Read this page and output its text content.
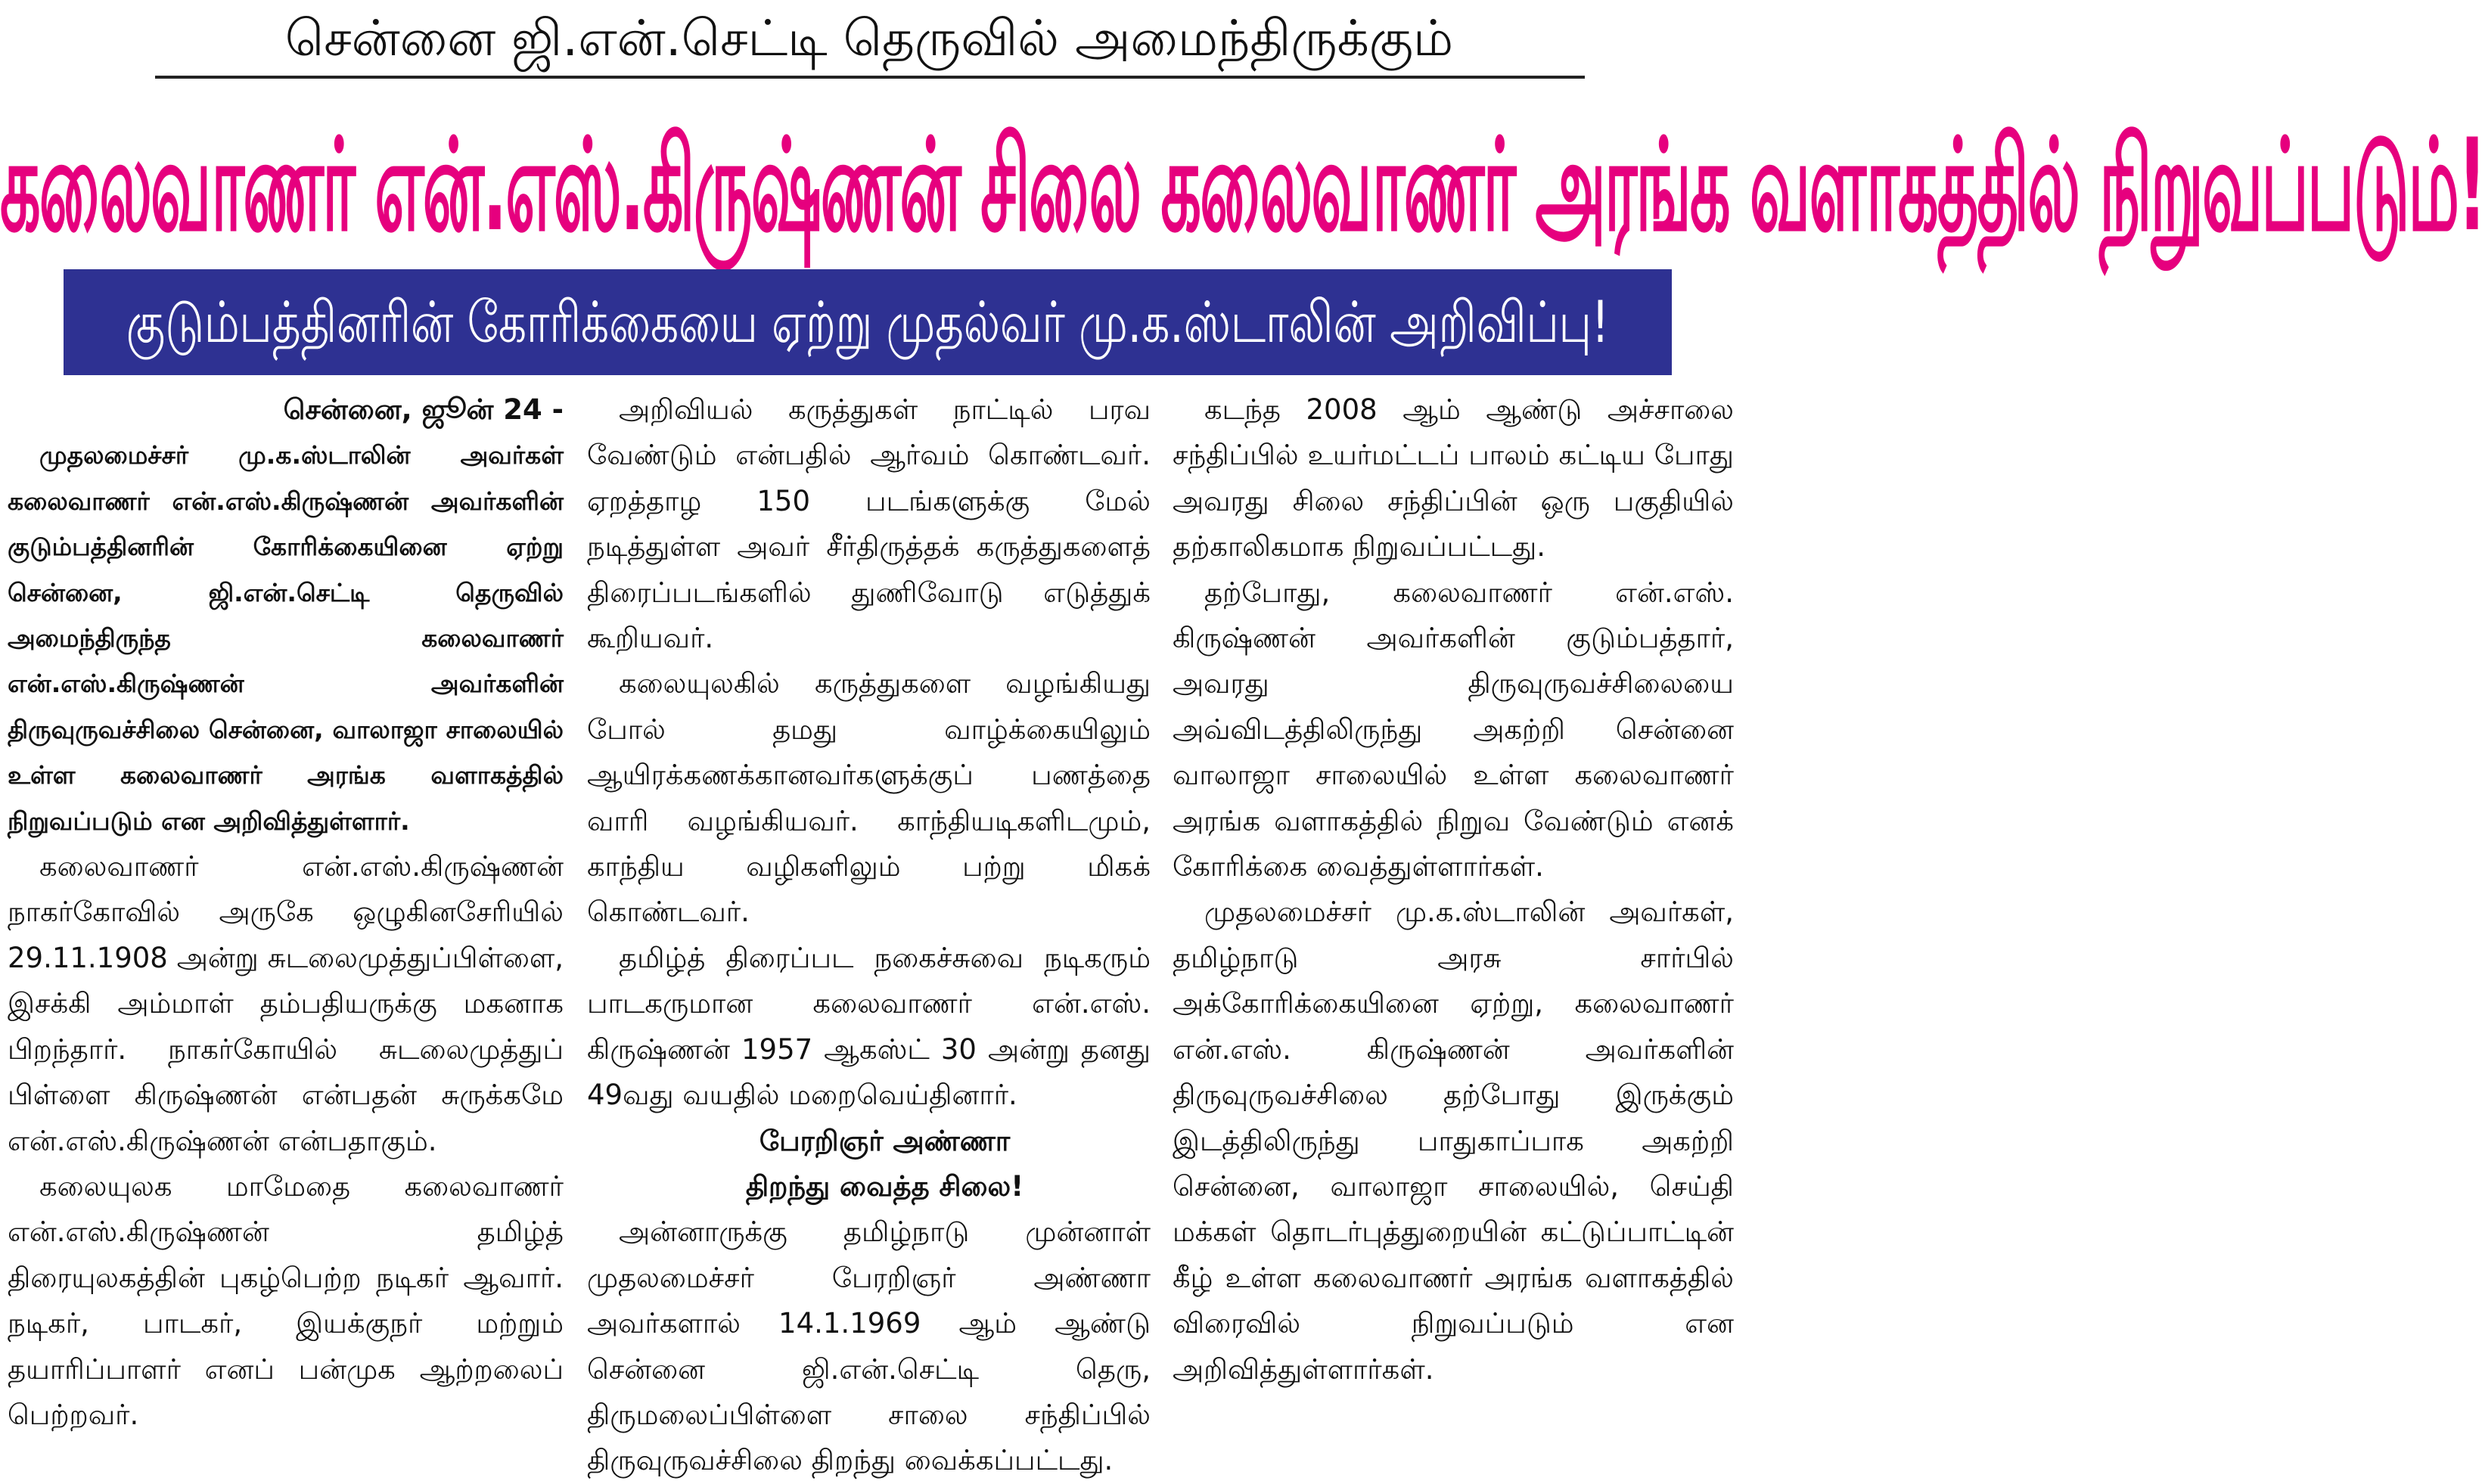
சென்னை ஜி.என்.செட்டி தெருவில் அமைந்திருக்கும்
கலைவாணர் என்.எஸ்.கிருஷ்ணன் சிலை கலைவாணர் அரங்க வளாகத்தில் நிறுவப்படும்!
குடும்பத்தினரின் கோரிக்கையை ஏற்று முதல்வர் மு.க.ஸ்டாலின் அறிவிப்பு!

சென்னை, ஜூன் 24 -

முதலமைச்சர் மு.க.ஸ்டாலின் அவர்கள் கலைவாணர் என்.எஸ்.கிருஷ்ணன் அவர்களின் குடும்பத்தினரின் கோரிக்கையினை ஏற்று சென்னை, ஜி.என்.செட்டி தெருவில் அமைந்திருந்த கலைவாணர் என்.எஸ்.கிருஷ்ணன் அவர்களின் திருவுருவச்சிலை சென்னை, வாலாஜா சாலையில் உள்ள கலைவாணர் அரங்க வளாகத்தில் நிறுவப்படும் என அறிவித்துள்ளார்.

கலைவாணர் என்.எஸ்.கிருஷ்ணன் நாகர்கோவில் அருகே ஒழுகினசேரியில் 29.11.1908 அன்று சுடலைமுத்துப்பிள்ளை, இசக்கி அம்மாள் தம்பதியருக்கு மகனாக பிறந்தார். நாகர்கோயில் சுடலைமுத்துப் பிள்ளை கிருஷ்ணன் என்பதன் சுருக்கமே என்.எஸ்.கிருஷ்ணன் என்பதாகும்.

கலையுலக மாமேதை கலைவாணர் என்.எஸ்.கிருஷ்ணன் தமிழ்த் திரையுலகத்தின் புகழ்பெற்ற நடிகர் ஆவார். நடிகர், பாடகர், இயக்குநர் மற்றும் தயாரிப்பாளர் எனப் பன்முக ஆற்றலைப் பெற்றவர்.

அறிவியல் கருத்துகள் நாட்டில் பரவ வேண்டும் என்பதில் ஆர்வம் கொண்டவர். ஏறத்தாழ 150 படங்களுக்கு மேல் நடித்துள்ள அவர் சீர்திருத்தக் கருத்துகளைத் திரைப்படங்களில் துணிவோடு எடுத்துக் கூறியவர்.

கலையுலகில் கருத்துகளை வழங்கியது போல் தமது வாழ்க்கையிலும் ஆயிரக்கணக்கானவர்களுக்குப் பணத்தை வாரி வழங்கியவர். காந்தியடிகளிடமும், காந்திய வழிகளிலும் பற்று மிகக் கொண்டவர்.

தமிழ்த் திரைப்பட நகைச்சுவை நடிகரும் பாடகருமான கலைவாணர் என்.எஸ். கிருஷ்ணன் 1957 ஆகஸ்ட் 30 அன்று தனது 49வது வயதில் மறைவெய்தினார்.

பேரறிஞர் அண்ணா

திறந்து வைத்த சிலை!

அன்னாருக்கு தமிழ்நாடு முன்னாள் முதலமைச்சர் பேரறிஞர் அண்ணா அவர்களால் 14.1.1969 ஆம் ஆண்டு சென்னை ஜி.என்.செட்டி தெரு, திருமலைப்பிள்ளை சாலை சந்திப்பில் திருவுருவச்சிலை திறந்து வைக்கப்பட்டது.

கடந்த 2008 ஆம் ஆண்டு அச்சாலை சந்திப்பில் உயர்மட்டப் பாலம் கட்டிய போது அவரது சிலை சந்திப்பின் ஒரு பகுதியில் தற்காலிகமாக நிறுவப்பட்டது.

தற்போது, கலைவாணர் என்.எஸ். கிருஷ்ணன் அவர்களின் குடும்பத்தார், அவரது திருவுருவச்சிலையை அவ்விடத்திலிருந்து அகற்றி சென்னை வாலாஜா சாலையில் உள்ள கலைவாணர் அரங்க வளாகத்தில் நிறுவ வேண்டும் எனக் கோரிக்கை வைத்துள்ளார்கள்.

முதலமைச்சர் மு.க.ஸ்டாலின் அவர்கள், தமிழ்நாடு அரசு சார்பில் அக்கோரிக்கையினை ஏற்று, கலைவாணர் என்.எஸ். கிருஷ்ணன் அவர்களின் திருவுருவச்சிலை தற்போது இருக்கும் இடத்திலிருந்து பாதுகாப்பாக அகற்றி சென்னை, வாலாஜா சாலையில், செய்தி மக்கள் தொடர்புத்துறையின் கட்டுப்பாட்டின் கீழ் உள்ள கலைவாணர் அரங்க வளாகத்தில் விரைவில் நிறுவப்படும் என அறிவித்துள்ளார்கள்.
